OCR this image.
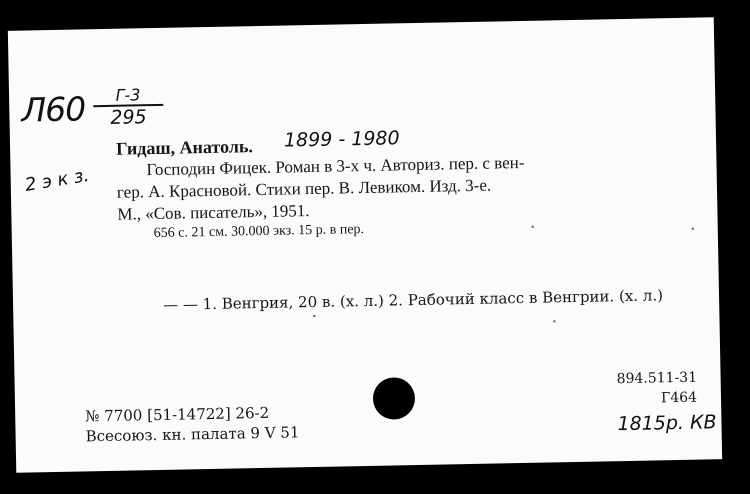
Л60	Г-3
295
2 э к з.
Гидаш, Анатоль. 1899 - 1980
Господин Фицек. Роман в 3-х ч. Авториз. пер. с вен-
гер. А. Красновой. Стихи пер. В. Левиком. Изд. 3-е.
М., «Сов. писатель», 1951.
656 с. 21 см. 30.000 экз. 15 р. в пер.
— — 1. Венгрия, 20 в. (х. л.) 2. Рабочий класс в Венгрии. (х. л.)
№ 7700 [51-14722] 26-2
Всесоюз. кн. палата 9 V 51
894.511-31
Г464
1815р. КВ
